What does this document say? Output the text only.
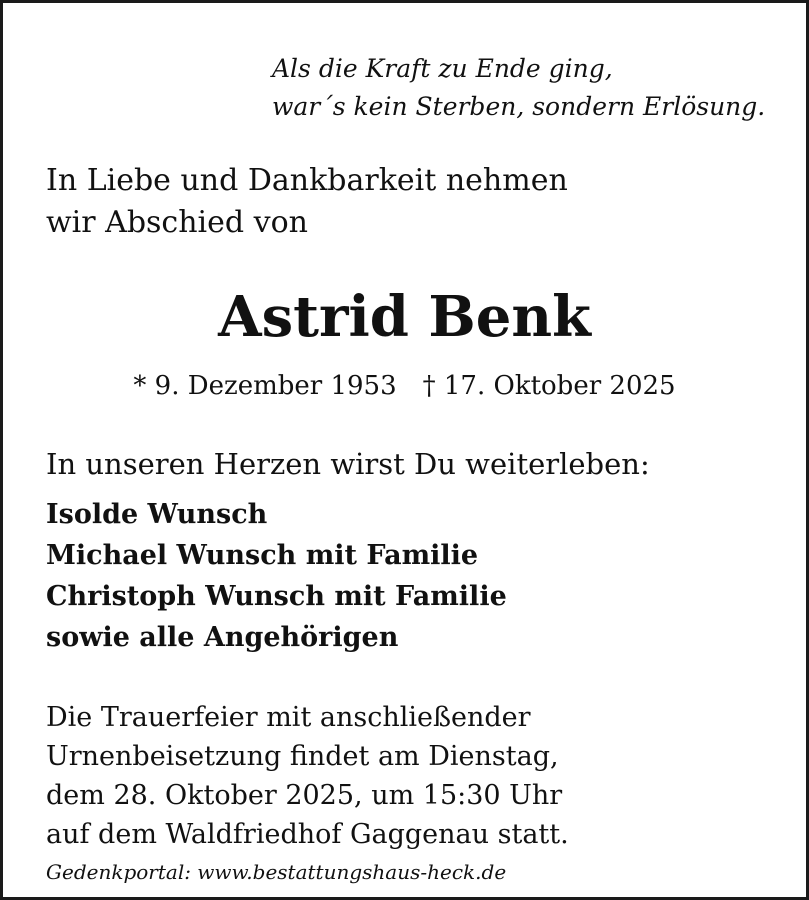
Als die Kraft zu Ende ging,
war´s kein Sterben, sondern Erlösung.
In Liebe und Dankbarkeit nehmen
wir Abschied von
Astrid Benk
* 9. Dezember 1953 † 17. Oktober 2025
In unseren Herzen wirst Du weiterleben:
Isolde Wunsch
Michael Wunsch mit Familie
Christoph Wunsch mit Familie
sowie alle Angehörigen
Die Trauerfeier mit anschließender
Urnenbeisetzung findet am Dienstag,
dem 28. Oktober 2025, um 15:30 Uhr
auf dem Waldfriedhof Gaggenau statt.
Gedenkportal: www.bestattungshaus-heck.de
